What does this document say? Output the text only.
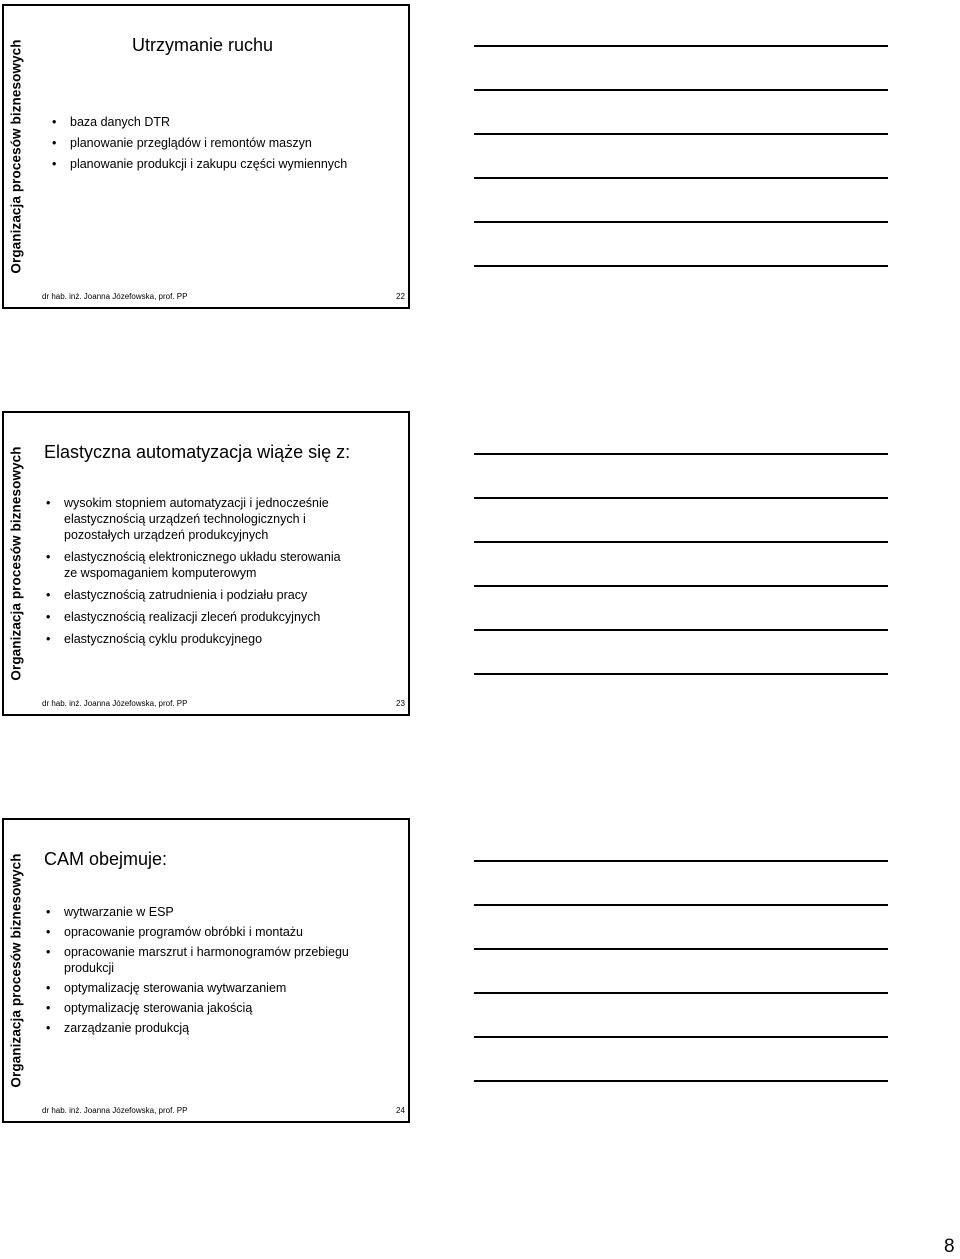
Organizacja procesów biznesowych	Utrzymanie ruchu
• baza danych DTR
• planowanie przeglądów i remontów maszyn
• planowanie produkcji i zakupu części wymiennych
dr hab. inż. Joanna Józefowska, prof. PP	22
Organizacja procesów biznesowych Elastyczna automatyzacja wiąże się z:
• wysokim stopniem automatyzacji i jednocześnie elastycznością urządzeń technologicznych i pozostałych urządzeń produkcyjnych
• elastycznością elektronicznego układu sterowania ze wspomaganiem komputerowym
• elastycznością zatrudnienia i podziału pracy
• elastycznością realizacji zleceń produkcyjnych
• elastycznością cyklu produkcyjnego
dr hab. inż. Joanna Józefowska, prof. PP	23
Organizacja procesów biznesowych CAM obejmuje:
• wytwarzanie w ESP
• opracowanie programów obróbki i montażu
• opracowanie marszrut i harmonogramów przebiegu produkcji
• optymalizację sterowania wytwarzaniem
• optymalizację sterowania jakością
• zarządzanie produkcją
dr hab. inż. Joanna Józefowska, prof. PP	24
8
